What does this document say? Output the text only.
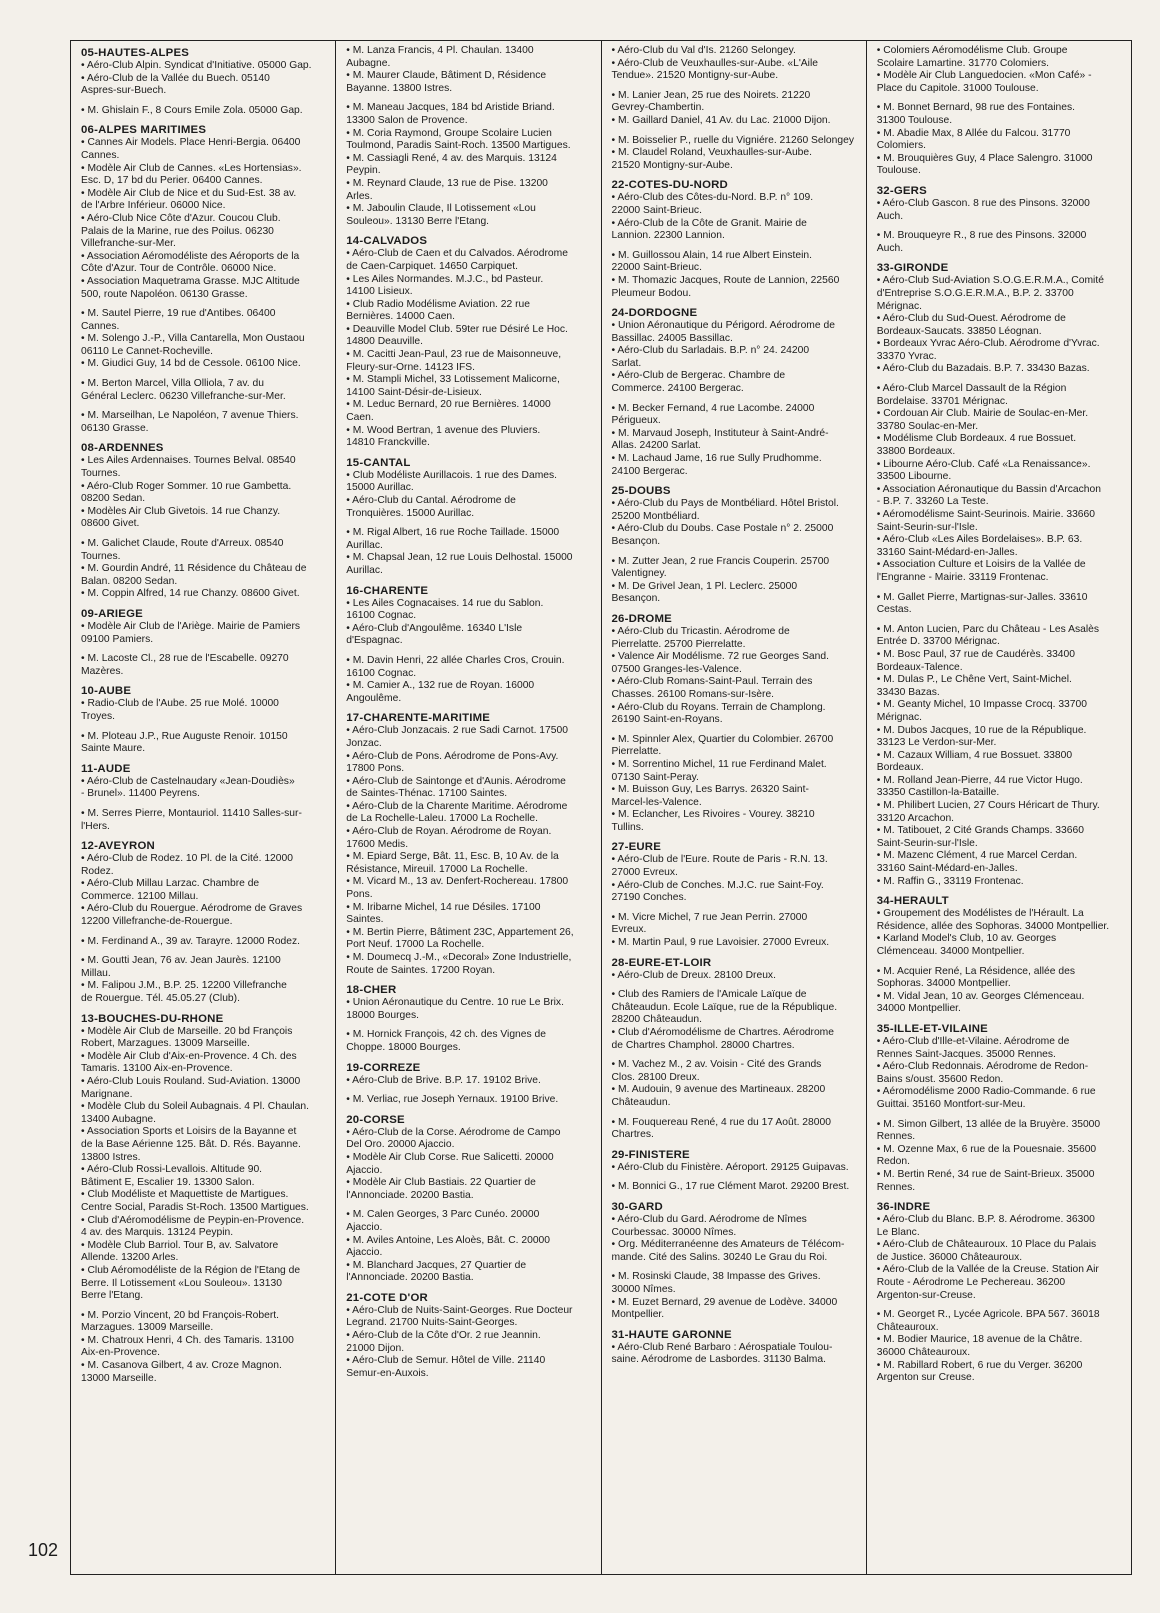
05-HAUTES-ALPES
• Aéro-Club Alpin. Syndicat d'Initiative. 05000 Gap.
• Aéro-Club de la Vallée du Buech. 05140
Aspres-sur-Buech.
• M. Ghislain F., 8 Cours Emile Zola. 05000 Gap.
06-ALPES MARITIMES
• Cannes Air Models. Place Henri-Bergia. 06400
Cannes.
• Modèle Air Club de Cannes. «Les Hortensias».
Esc. D, 17 bd du Perier. 06400 Cannes.
• Modèle Air Club de Nice et du Sud-Est. 38 av.
de l'Arbre Inférieur. 06000 Nice.
• Aéro-Club Nice Côte d'Azur. Coucou Club.
Palais de la Marine, rue des Poilus. 06230
Villefranche-sur-Mer.
• Association Aéromodéliste des Aéroports de la
Côte d'Azur. Tour de Contrôle. 06000 Nice.
• Association Maquetrama Grasse. MJC Altitude
500, route Napoléon. 06130 Grasse.
• M. Sautel Pierre, 19 rue d'Antibes. 06400
Cannes.
• M. Solengo J.-P., Villa Cantarella, Mon Oustaou
06110 Le Cannet-Rocheville.
• M. Giudici Guy, 14 bd de Cessole. 06100 Nice.
• M. Berton Marcel, Villa Olliola, 7 av. du
Général Leclerc. 06230 Villefranche-sur-Mer.
• M. Marseilhan, Le Napoléon, 7 avenue Thiers.
06130 Grasse.
08-ARDENNES
• Les Ailes Ardennaises. Tournes Belval. 08540
Tournes.
• Aéro-Club Roger Sommer. 10 rue Gambetta.
08200 Sedan.
• Modèles Air Club Givetois. 14 rue Chanzy.
08600 Givet.
• M. Galichet Claude, Route d'Arreux. 08540
Tournes.
• M. Gourdin André, 11 Résidence du Château de
Balan. 08200 Sedan.
• M. Coppin Alfred, 14 rue Chanzy. 08600 Givet.
09-ARIEGE
• Modèle Air Club de l'Ariège. Mairie de Pamiers
09100 Pamiers.
• M. Lacoste Cl., 28 rue de l'Escabelle. 09270
Mazères.
10-AUBE
• Radio-Club de l'Aube. 25 rue Molé. 10000
Troyes.
• M. Ploteau J.P., Rue Auguste Renoir. 10150
Sainte Maure.
11-AUDE
• Aéro-Club de Castelnaudary «Jean-Doudiès»
- Brunel». 11400 Peyrens.
• M. Serres Pierre, Montauriol. 11410 Salles-sur-
l'Hers.
12-AVEYRON
• Aéro-Club de Rodez. 10 Pl. de la Cité. 12000
Rodez.
• Aéro-Club Millau Larzac. Chambre de
Commerce. 12100 Millau.
• Aéro-Club du Rouergue. Aérodrome de Graves
12200 Villefranche-de-Rouergue.
• M. Ferdinand A., 39 av. Tarayre. 12000 Rodez.
• M. Goutti Jean, 76 av. Jean Jaurès. 12100
Millau.
• M. Falipou J.M., B.P. 25. 12200 Villefranche
de Rouergue. Tél. 45.05.27 (Club).
13-BOUCHES-DU-RHONE
• Modèle Air Club de Marseille. 20 bd François
Robert, Marzagues. 13009 Marseille.
• Modèle Air Club d'Aix-en-Provence. 4 Ch. des
Tamaris. 13100 Aix-en-Provence.
• Aéro-Club Louis Rouland. Sud-Aviation. 13000
Marignane.
• Modèle Club du Soleil Aubagnais. 4 Pl. Chaulan.
13400 Aubagne.
• Association Sports et Loisirs de la Bayanne et
de la Base Aérienne 125. Bât. D. Rés. Bayanne.
13800 Istres.
• Aéro-Club Rossi-Levallois. Altitude 90.
Bâtiment E, Escalier 19. 13300 Salon.
• Club Modéliste et Maquettiste de Martigues.
Centre Social, Paradis St-Roch. 13500 Martigues.
• Club d'Aéromodélisme de Peypin-en-Provence.
4 av. des Marquis. 13124 Peypin.
• Modèle Club Barriol. Tour B, av. Salvatore
Allende. 13200 Arles.
• Club Aéromodéliste de la Région de l'Etang de
Berre. Il Lotissement «Lou Souleou». 13130
Berre l'Etang.
• M. Porzio Vincent, 20 bd François-Robert.
Marzagues. 13009 Marseille.
• M. Chatroux Henri, 4 Ch. des Tamaris. 13100
Aix-en-Provence.
• M. Casanova Gilbert, 4 av. Croze Magnon.
13000 Marseille.
• M. Lanza Francis, 4 Pl. Chaulan. 13400
Aubagne.
• M. Maurer Claude, Bâtiment D, Résidence
Bayanne. 13800 Istres.
• M. Maneau Jacques, 184 bd Aristide Briand.
13300 Salon de Provence.
• M. Coria Raymond, Groupe Scolaire Lucien
Toulmond, Paradis Saint-Roch. 13500 Martigues.
• M. Cassiagli René, 4 av. des Marquis. 13124
Peypin.
• M. Reynard Claude, 13 rue de Pise. 13200
Arles.
• M. Jaboulin Claude, Il Lotissement «Lou
Souleou». 13130 Berre l'Etang.
14-CALVADOS
• Aéro-Club de Caen et du Calvados. Aérodrome
de Caen-Carpiquet. 14650 Carpiquet.
• Les Ailes Normandes. M.J.C., bd Pasteur.
14100 Lisieux.
• Club Radio Modélisme Aviation. 22 rue
Bernières. 14000 Caen.
• Deauville Model Club. 59ter rue Désiré Le Hoc.
14800 Deauville.
• M. Cacitti Jean-Paul, 23 rue de Maisonneuve,
Fleury-sur-Orne. 14123 IFS.
• M. Stampli Michel, 33 Lotissement Malicorne,
14100 Saint-Désir-de-Lisieux.
• M. Leduc Bernard, 20 rue Bernières. 14000
Caen.
• M. Wood Bertran, 1 avenue des Pluviers.
14810 Franckville.
15-CANTAL
• Club Modéliste Aurillacois. 1 rue des Dames.
15000 Aurillac.
• Aéro-Club du Cantal. Aérodrome de
Tronquières. 15000 Aurillac.
• M. Rigal Albert, 16 rue Roche Taillade. 15000
Aurillac.
• M. Chapsal Jean, 12 rue Louis Delhostal. 15000
Aurillac.
16-CHARENTE
• Les Ailes Cognacaises. 14 rue du Sablon.
16100 Cognac.
• Aéro-Club d'Angoulême. 16340 L'Isle
d'Espagnac.
• M. Davin Henri, 22 allée Charles Cros, Crouin.
16100 Cognac.
• M. Camier A., 132 rue de Royan. 16000
Angoulême.
17-CHARENTE-MARITIME
• Aéro-Club Jonzacais. 2 rue Sadi Carnot. 17500
Jonzac.
• Aéro-Club de Pons. Aérodrome de Pons-Avy.
17800 Pons.
• Aéro-Club de Saintonge et d'Aunis. Aérodrome
de Saintes-Thénac. 17100 Saintes.
• Aéro-Club de la Charente Maritime. Aérodrome
de La Rochelle-Laleu. 17000 La Rochelle.
• Aéro-Club de Royan. Aérodrome de Royan.
17600 Medis.
• M. Epiard Serge, Bât. 11, Esc. B, 10 Av. de la
Résistance, Mireuil. 17000 La Rochelle.
• M. Vicard M., 13 av. Denfert-Rochereau. 17800
Pons.
• M. Iribarne Michel, 14 rue Désiles. 17100
Saintes.
• M. Bertin Pierre, Bâtiment 23C, Appartement 26,
Port Neuf. 17000 La Rochelle.
• M. Doumecq J.-M., «Decoral» Zone Industrielle,
Route de Saintes. 17200 Royan.
18-CHER
• Union Aéronautique du Centre. 10 rue Le Brix.
18000 Bourges.
• M. Hornick François, 42 ch. des Vignes de
Choppe. 18000 Bourges.
19-CORREZE
• Aéro-Club de Brive. B.P. 17. 19102 Brive.
• M. Verliac, rue Joseph Yernaux. 19100 Brive.
20-CORSE
• Aéro-Club de la Corse. Aérodrome de Campo
Del Oro. 20000 Ajaccio.
• Modèle Air Club Corse. Rue Salicetti. 20000
Ajaccio.
• Modèle Air Club Bastiais. 22 Quartier de
l'Annonciade. 20200 Bastia.
• M. Calen Georges, 3 Parc Cunéo. 20000
Ajaccio.
• M. Aviles Antoine, Les Aloès, Bât. C. 20000
Ajaccio.
• M. Blanchard Jacques, 27 Quartier de
l'Annonciade. 20200 Bastia.
21-COTE D'OR
• Aéro-Club de Nuits-Saint-Georges. Rue Docteur
Legrand. 21700 Nuits-Saint-Georges.
• Aéro-Club de la Côte d'Or. 2 rue Jeannin.
21000 Dijon.
• Aéro-Club de Semur. Hôtel de Ville. 21140
Semur-en-Auxois.
• Aéro-Club du Val d'Is. 21260 Selongey.
• Aéro-Club de Veuxhaulles-sur-Aube. «L'Aile
Tendue». 21520 Montigny-sur-Aube.
• M. Lanier Jean, 25 rue des Noirets. 21220
Gevrey-Chambertin.
• M. Gaillard Daniel, 41 Av. du Lac. 21000 Dijon.
• M. Boisselier P., ruelle du Vigniére. 21260 Selongey
• M. Claudel Roland, Veuxhaulles-sur-Aube.
21520 Montigny-sur-Aube.
22-COTES-DU-NORD
• Aéro-Club des Côtes-du-Nord. B.P. n° 109.
22000 Saint-Brieuc.
• Aéro-Club de la Côte de Granit. Mairie de
Lannion. 22300 Lannion.
• M. Guillossou Alain, 14 rue Albert Einstein.
22000 Saint-Brieuc.
• M. Thomazic Jacques, Route de Lannion, 22560
Pleumeur Bodou.
24-DORDOGNE
• Union Aéronautique du Périgord. Aérodrome de
Bassillac. 24005 Bassillac.
• Aéro-Club du Sarladais. B.P. n° 24. 24200
Sarlat.
• Aéro-Club de Bergerac. Chambre de
Commerce. 24100 Bergerac.
• M. Becker Fernand, 4 rue Lacombe. 24000
Périgueux.
• M. Marvaud Joseph, Instituteur à Saint-André-
Allas. 24200 Sarlat.
• M. Lachaud Jame, 16 rue Sully Prudhomme.
24100 Bergerac.
25-DOUBS
• Aéro-Club du Pays de Montbéliard. Hôtel Bristol.
25200 Montbéliard.
• Aéro-Club du Doubs. Case Postale n° 2. 25000
Besançon.
• M. Zutter Jean, 2 rue Francis Couperin. 25700
Valentigney.
• M. De Grivel Jean, 1 Pl. Leclerc. 25000
Besançon.
26-DROME
• Aéro-Club du Tricastin. Aérodrome de
Pierrelatte. 25700 Pierrelatte.
• Valence Air Modélisme. 72 rue Georges Sand.
07500 Granges-les-Valence.
• Aéro-Club Romans-Saint-Paul. Terrain des
Chasses. 26100 Romans-sur-Isère.
• Aéro-Club du Royans. Terrain de Champlong.
26190 Saint-en-Royans.
• M. Spinnler Alex, Quartier du Colombier. 26700
Pierrelatte.
• M. Sorrentino Michel, 11 rue Ferdinand Malet.
07130 Saint-Peray.
• M. Buisson Guy, Les Barrys. 26320 Saint-
Marcel-les-Valence.
• M. Eclancher, Les Rivoires - Vourey. 38210
Tullins.
27-EURE
• Aéro-Club de l'Eure. Route de Paris - R.N. 13.
27000 Evreux.
• Aéro-Club de Conches. M.J.C. rue Saint-Foy.
27190 Conches.
• M. Vicre Michel, 7 rue Jean Perrin. 27000
Evreux.
• M. Martin Paul, 9 rue Lavoisier. 27000 Evreux.
28-EURE-ET-LOIR
• Aéro-Club de Dreux. 28100 Dreux.
• Club des Ramiers de l'Amicale Laïque de
Châteaudun. Ecole Laïque, rue de la République.
28200 Châteaudun.
• Club d'Aéromodélisme de Chartres. Aérodrome
de Chartres Champhol. 28000 Chartres.
• M. Vachez M., 2 av. Voisin - Cité des Grands
Clos. 28100 Dreux.
• M. Audouin, 9 avenue des Martineaux. 28200
Châteaudun.
• M. Fouquereau René, 4 rue du 17 Août. 28000
Chartres.
29-FINISTERE
• Aéro-Club du Finistère. Aéroport. 29125 Guipavas.
• M. Bonnici G., 17 rue Clément Marot. 29200 Brest.
30-GARD
• Aéro-Club du Gard. Aérodrome de Nîmes
Courbessac. 30000 Nîmes.
• Org. Méditerranéenne des Amateurs de Télécom-
mande. Cité des Salins. 30240 Le Grau du Roi.
• M. Rosinski Claude, 38 Impasse des Grives.
30000 Nîmes.
• M. Euzet Bernard, 29 avenue de Lodève. 34000
Montpellier.
31-HAUTE GARONNE
• Aéro-Club René Barbaro : Aérospatiale Toulou-
saine. Aérodrome de Lasbordes. 31130 Balma.
• Colomiers Aéromodélisme Club. Groupe
Scolaire Lamartine. 31770 Colomiers.
• Modèle Air Club Languedocien. «Mon Café» -
Place du Capitole. 31000 Toulouse.
• M. Bonnet Bernard, 98 rue des Fontaines.
31300 Toulouse.
• M. Abadie Max, 8 Allée du Falcou. 31770
Colomiers.
• M. Brouquières Guy, 4 Place Salengro. 31000
Toulouse.
32-GERS
• Aéro-Club Gascon. 8 rue des Pinsons. 32000
Auch.
• M. Brouqueyre R., 8 rue des Pinsons. 32000
Auch.
33-GIRONDE
• Aéro-Club Sud-Aviation S.O.G.E.R.M.A., Comité
d'Entreprise S.O.G.E.R.M.A., B.P. 2. 33700
Mérignac.
• Aéro-Club du Sud-Ouest. Aérodrome de
Bordeaux-Saucats. 33850 Léognan.
• Bordeaux Yvrac Aéro-Club. Aérodrome d'Yvrac.
33370 Yvrac.
• Aéro-Club du Bazadais. B.P. 7. 33430 Bazas.
• Aéro-Club Marcel Dassault de la Région
Bordelaise. 33701 Mérignac.
• Cordouan Air Club. Mairie de Soulac-en-Mer.
33780 Soulac-en-Mer.
• Modélisme Club Bordeaux. 4 rue Bossuet.
33800 Bordeaux.
• Libourne Aéro-Club. Café «La Renaissance».
33500 Libourne.
• Association Aéronautique du Bassin d'Arcachon
- B.P. 7. 33260 La Teste.
• Aéromodélisme Saint-Seurinois. Mairie. 33660
Saint-Seurin-sur-l'Isle.
• Aéro-Club «Les Ailes Bordelaises». B.P. 63.
33160 Saint-Médard-en-Jalles.
• Association Culture et Loisirs de la Vallée de
l'Engranne - Mairie. 33119 Frontenac.
• M. Gallet Pierre, Martignas-sur-Jalles. 33610
Cestas.
• M. Anton Lucien, Parc du Château - Les Asalès
Entrée D. 33700 Mérignac.
• M. Bosc Paul, 37 rue de Caudérès. 33400
Bordeaux-Talence.
• M. Dulas P., Le Chêne Vert, Saint-Michel.
33430 Bazas.
• M. Geanty Michel, 10 Impasse Crocq. 33700
Mérignac.
• M. Dubos Jacques, 10 rue de la République.
33123 Le Verdon-sur-Mer.
• M. Cazaux William, 4 rue Bossuet. 33800
Bordeaux.
• M. Rolland Jean-Pierre, 44 rue Victor Hugo.
33350 Castillon-la-Bataille.
• M. Philibert Lucien, 27 Cours Héricart de Thury.
33120 Arcachon.
• M. Tatibouet, 2 Cité Grands Champs. 33660
Saint-Seurin-sur-l'Isle.
• M. Mazenc Clément, 4 rue Marcel Cerdan.
33160 Saint-Médard-en-Jalles.
• M. Raffin G., 33119 Frontenac.
34-HERAULT
• Groupement des Modélistes de l'Hérault. La
Résidence, allée des Sophoras. 34000 Montpellier.
• Karland Model's Club, 10 av. Georges
Clémenceau. 34000 Montpellier.
• M. Acquier René, La Résidence, allée des
Sophoras. 34000 Montpellier.
• M. Vidal Jean, 10 av. Georges Clémenceau.
34000 Montpellier.
35-ILLE-ET-VILAINE
• Aéro-Club d'Ille-et-Vilaine. Aérodrome de
Rennes Saint-Jacques. 35000 Rennes.
• Aéro-Club Redonnais. Aérodrome de Redon-
Bains s/oust. 35600 Redon.
• Aéromodélisme 2000 Radio-Commande. 6 rue
Guittai. 35160 Montfort-sur-Meu.
• M. Simon Gilbert, 13 allée de la Bruyère. 35000
Rennes.
• M. Ozenne Max, 6 rue de la Pouesnaie. 35600
Redon.
• M. Bertin René, 34 rue de Saint-Brieux. 35000
Rennes.
36-INDRE
• Aéro-Club du Blanc. B.P. 8. Aérodrome. 36300
Le Blanc.
• Aéro-Club de Châteauroux. 10 Place du Palais
de Justice. 36000 Châteauroux.
• Aéro-Club de la Vallée de la Creuse. Station Air
Route - Aérodrome Le Pechereau. 36200
Argenton-sur-Creuse.
• M. Georget R., Lycée Agricole. BPA 567. 36018
Châteauroux.
• M. Bodier Maurice, 18 avenue de la Châtre.
36000 Châteauroux.
• M. Rabillard Robert, 6 rue du Verger. 36200
Argenton sur Creuse.
102
